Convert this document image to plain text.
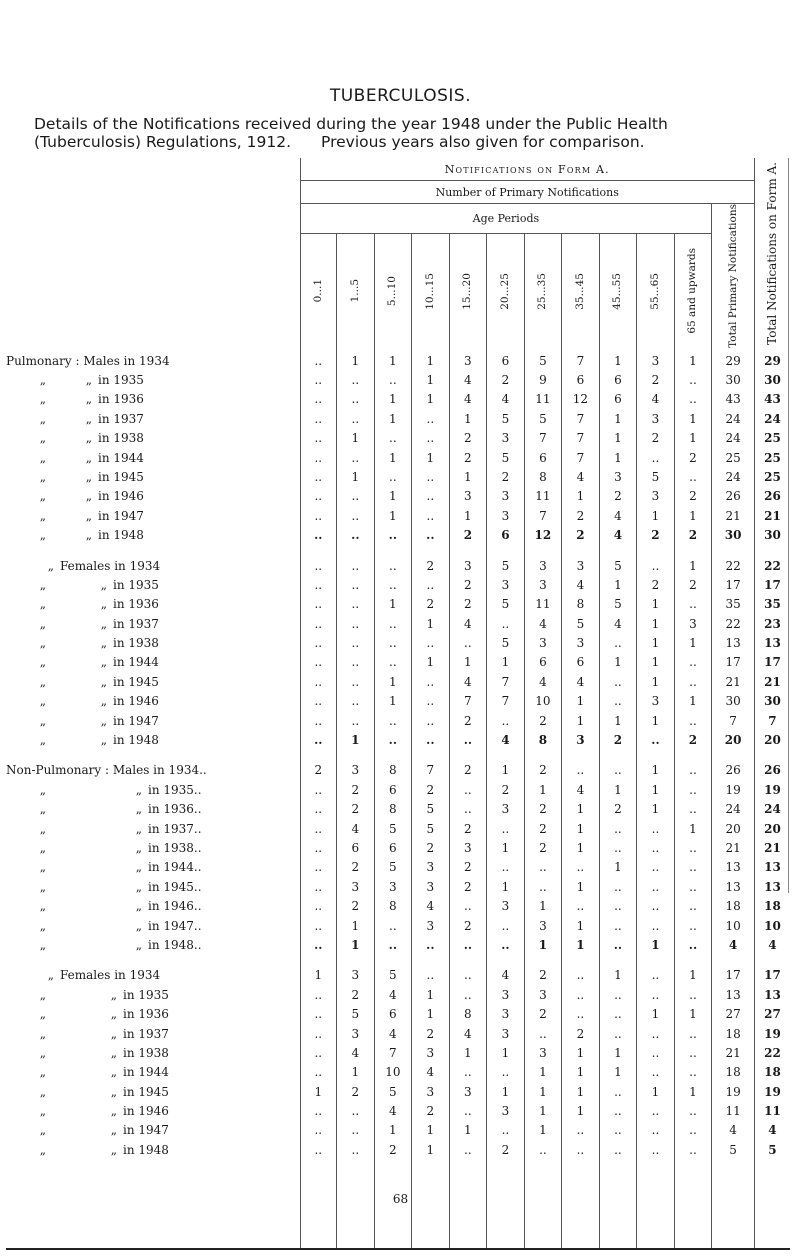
TUBERCULOSIS.
Details of the Notifications received during the year 1948 under the Public Health
(Tuberculosis) Regulations, 1912. Previous years also given for comparison.
	Notifications on Form A.												Total Notifications on Form A.
	Number of Primary Notifications												
	Age Periods											Total Primary Notifications	
	0...1	1...5	5...10	10...15	15...20	20...25	25...35	35...45	45...55	55...65	65 and upwards		
Pulmonary : Males in 1934	..	1	1	1	3	6	5	7	1	3	1	29	29
„ „ in 1935	..	..	..	1	4	2	9	6	6	2	..	30	30
„ „ in 1936	..	..	1	1	4	4	11	12	6	4	..	43	43
„ „ in 1937	..	..	1	..	1	5	5	7	1	3	1	24	24
„ „ in 1938	..	1	..	..	2	3	7	7	1	2	1	24	25
„ „ in 1944	..	..	1	1	2	5	6	7	1	..	2	25	25
„ „ in 1945	..	1	..	..	1	2	8	4	3	5	..	24	25
„ „ in 1946	..	..	1	..	3	3	11	1	2	3	2	26	26
„ „ in 1947	..	..	1	..	1	3	7	2	4	1	1	21	21
„ „ in 1948	..	..	..	..	2	6	12	2	4	2	2	30	30

„ Females in 1934	..	..	..	2	3	5	3	3	5	..	1	22	22
„ „ in 1935	..	..	..	..	2	3	3	4	1	2	2	17	17
„ „ in 1936	..	..	1	2	2	5	11	8	5	1	..	35	35
„ „ in 1937	..	..	..	1	4	..	4	5	4	1	3	22	23
„ „ in 1938	..	..	..	..	..	5	3	3	..	1	1	13	13
„ „ in 1944	..	..	..	1	1	1	6	6	1	1	..	17	17
„ „ in 1945	..	..	1	..	4	7	4	4	..	1	..	21	21
„ „ in 1946	..	..	1	..	7	7	10	1	..	3	1	30	30
„ „ in 1947	..	..	..	..	2	..	2	1	1	1	..	7	7
„ „ in 1948	..	1	..	..	..	4	8	3	2	..	2	20	20

Non-Pulmonary : Males in 1934..	2	3	8	7	2	1	2	..	..	1	..	26	26
„ „ in 1935..	..	2	6	2	..	2	1	4	1	1	..	19	19
„ „ in 1936..	..	2	8	5	..	3	2	1	2	1	..	24	24
„ „ in 1937..	..	4	5	5	2	..	2	1	..	..	1	20	20
„ „ in 1938..	..	6	6	2	3	1	2	1	..	..	..	21	21
„ „ in 1944..	..	2	5	3	2	..	..	..	1	..	..	13	13
„ „ in 1945..	..	3	3	3	2	1	..	1	..	..	..	13	13
„ „ in 1946..	..	2	8	4	..	3	1	..	..	..	..	18	18
„ „ in 1947..	..	1	..	3	2	..	3	1	..	..	..	10	10
„ „ in 1948..	..	1	..	..	..	..	1	1	..	1	..	4	4

„ Females in 1934	1	3	5	..	..	4	2	..	1	..	1	17	17
„ „ in 1935	..	2	4	1	..	3	3	..	..	..	..	13	13
„ „ in 1936	..	5	6	1	8	3	2	..	..	1	1	27	27
„ „ in 1937	..	3	4	2	4	3	..	2	..	..	..	18	19
„ „ in 1938	..	4	7	3	1	1	3	1	1	..	..	21	22
„ „ in 1944	..	1	10	4	..	..	1	1	1	..	..	18	18
„ „ in 1945	1	2	5	3	3	1	1	1	..	1	1	19	19
„ „ in 1946	..	..	4	2	..	3	1	1	..	..	..	11	11
„ „ in 1947	..	..	1	1	1	..	1	..	..	..	..	4	4
„ „ in 1948	..	..	2	1	..	2	..	..	..	..	..	5	5

68
